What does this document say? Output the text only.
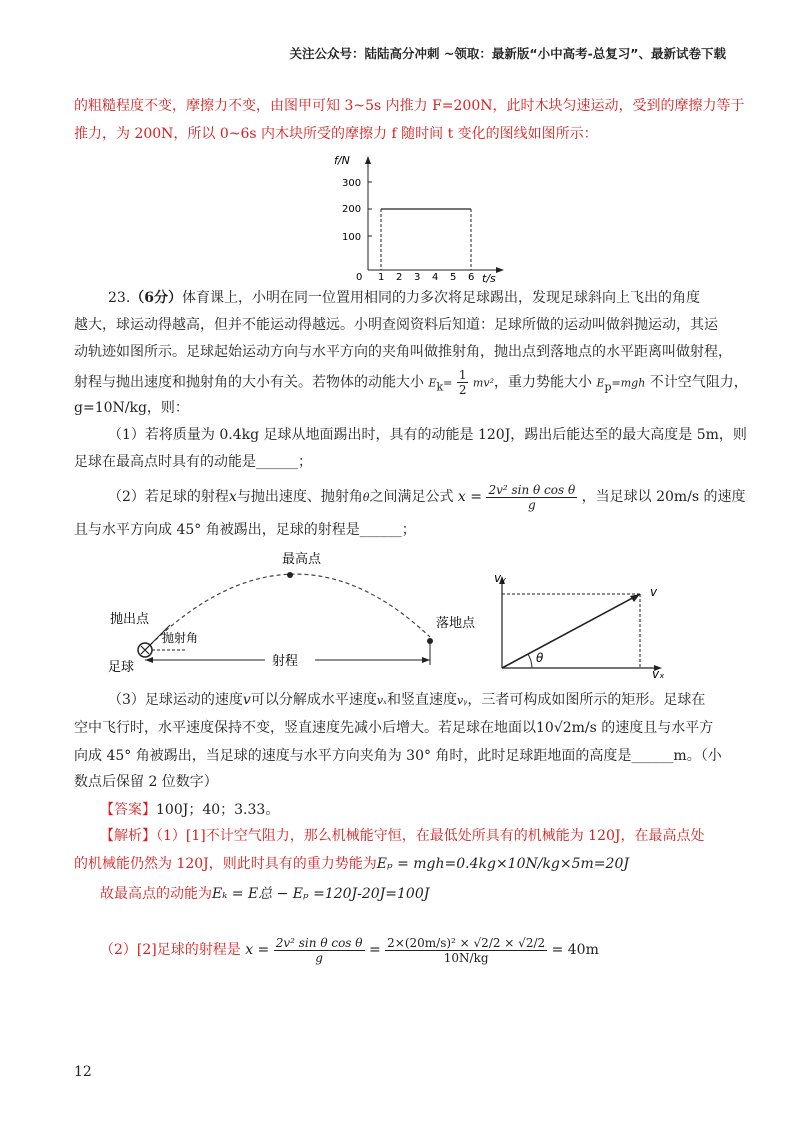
关注公众号：陆陆高分冲刺 ~领取：最新版“小中高考-总复习”、最新试卷下载
的粗糙程度不变，摩擦力不变，由图甲可知 3~5s 内推力 F=200N，此时木块匀速运动，受到的摩擦力等于
推力，为 200N，所以 0~6s 内木块所受的摩擦力 f 随时间 t 变化的图线如图所示：
f/N
t/s
300
200
100
0 1 2 3 4 5 6
23.（6分）体育课上，小明在同一位置用相同的力多次将足球踢出，发现足球斜向上飞出的角度
越大，球运动得越高，但并不能运动得越远。小明查阅资料后知道：足球所做的运动叫做斜抛运动，其运
动轨迹如图所示。足球起始运动方向与水平方向的夹角叫做推射角，抛出点到落地点的水平距离叫做射程，
射程与抛出速度和抛射角的大小有关。若物体的动能大小 $E_k= \frac{1}{2} mv^2$，重力势能大小 $E_p=mgh$ 不计空气阻力，
g=10N/kg，则：
（1）若将质量为 0.4kg 足球从地面踢出时，具有的动能是 120J，踢出后能达至的最大高度是 5m，则
足球在最高点时具有的动能是______；
（2）若足球的射程x与抛出速度、抛射角θ之间满足公式 $x = \frac{\text{2v² sin θ cos θ}}{g}$ ，当足球以 20m/s 的速度
且与水平方向成 45° 角被踢出，足球的射程是______；
最高点
抛出点
抛射角
足球
落地点
射程	θ
v
vₓ
vᵧ
（3）足球运动的速度v可以分解成水平速度vₓ和竖直速度vᵧ，三者可构成如图所示的矩形。足球在
空中飞行时，水平速度保持不变，竖直速度先减小后增大。若足球在地面以10√2m/s 的速度且与水平方
向成 45° 角被踢出，当足球的速度与水平方向夹角为 30° 角时，此时足球距地面的高度是______m。（小
数点后保留 2 位数字）
【答案】100J；40；3.33。
【解析】（1）[1]不计空气阻力，那么机械能守恒，在最低处所具有的机械能为 120J，在最高点处
的机械能仍然为 120J，则此时具有的重力势能为Eₚ = mgh=0.4kg×10N/kg×5m=20J
故最高点的动能为Eₖ = E总 − Eₚ =120J-20J=100J
（2）[2]足球的射程是 $x = \frac{\text{2v² sin θ cos θ}}{g} = \frac{\text{2×(20m/s)² × √2/2 × √2/2}}{10N/kg} = 40m$
12
